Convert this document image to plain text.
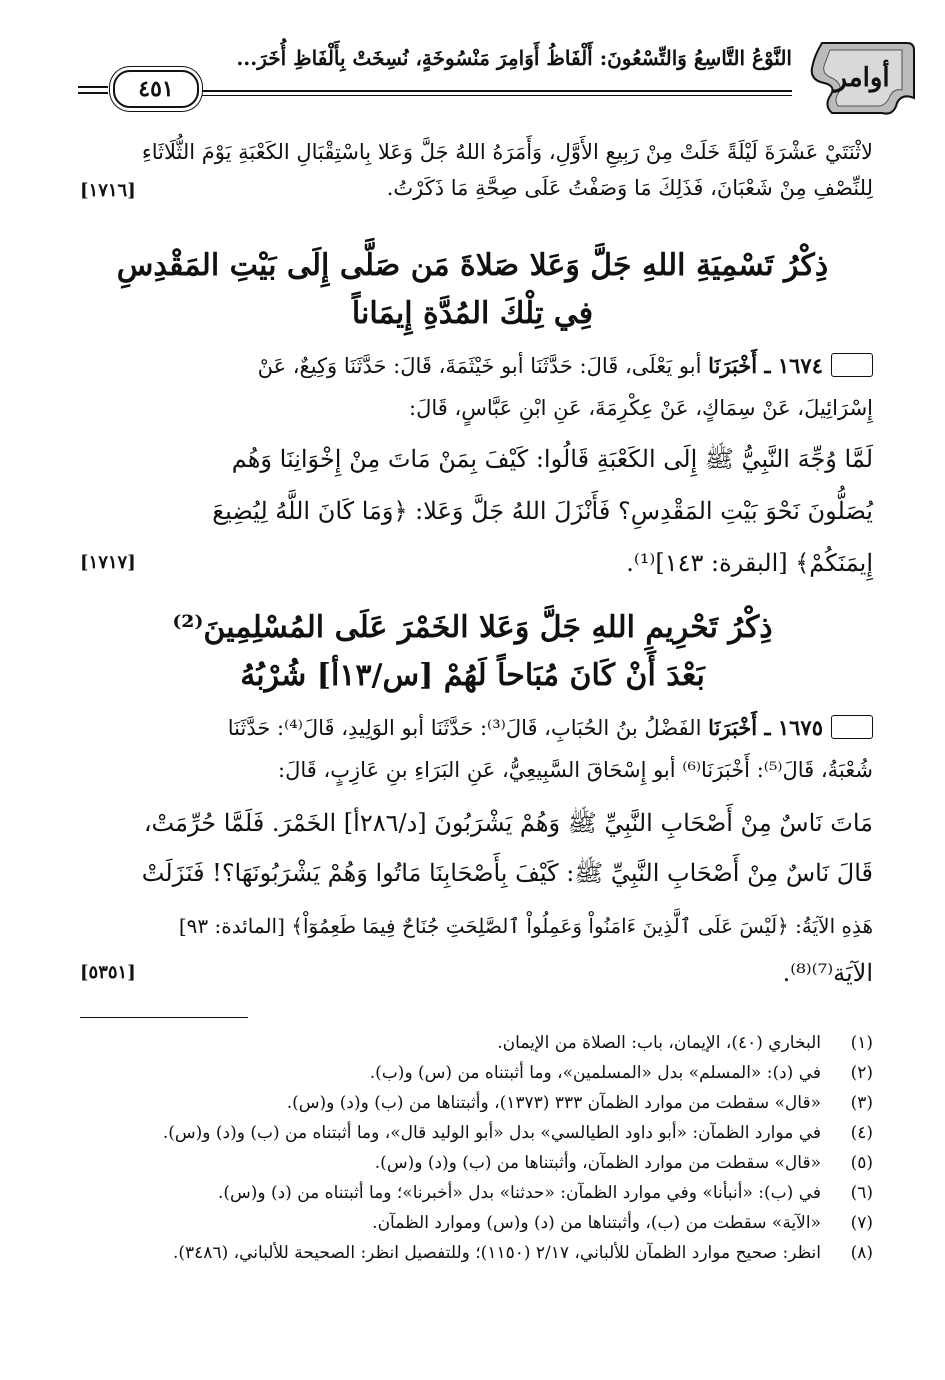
أوامر
النَّوْعُ التَّاسِعُ وَالتِّسْعُونَ: أَلْفَاظُ أَوَامِرَ مَنْسُوخَةٍ، نُسِخَتْ بِأَلْفَاظِ أُخَرَ...
٤٥١
لاثْنَتَيْ عَشْرَةَ لَيْلَةً خَلَتْ مِنْ رَبِيعِ الأَوَّلِ، وَأَمَرَهُ اللهُ جَلَّ وَعَلا بِاسْتِقْبَالِ الكَعْبَةِ يَوْمَ الثُّلَاثَاءِ
لِلنِّصْفِ مِنْ شَعْبَانَ، فَذَلِكَ مَا وَصَفْتُ عَلَى صِحَّةِ مَا ذَكَرْتُ.
[١٧١٦]
ذِكْرُ تَسْمِيَةِ اللهِ جَلَّ وَعَلا صَلاةَ مَن صَلَّى إِلَى بَيْتِ المَقْدِسِ
فِي تِلْكَ المُدَّةِ إِيمَاناً
١٦٧٤ ـ أَخْبَرَنَا أبو يَعْلَى، قَالَ: حَدَّثَنَا أبو خَيْثَمَةَ، قَالَ: حَدَّثَنَا وَكِيعٌ، عَنْ
إِسْرَائِيلَ، عَنْ سِمَاكٍ، عَنْ عِكْرِمَةَ، عَنِ ابْنِ عَبَّاسٍ، قَالَ:
لَمَّا وُجِّهَ النَّبِيُّ ﷺ إِلَى الكَعْبَةِ قَالُوا: كَيْفَ بِمَنْ مَاتَ مِنْ إِخْوَانِنَا وَهُم
يُصَلُّونَ نَحْوَ بَيْتِ المَقْدِسِ؟ فَأَنْزَلَ اللهُ جَلَّ وَعَلا: ﴿وَمَا كَانَ اللَّهُ لِيُضِيعَ
إِيمَنَكُمْ﴾ [البقرة: ١٤٣]⁽¹⁾.
[١٧١٧]
ذِكْرُ تَحْرِيمِ اللهِ جَلَّ وَعَلا الخَمْرَ عَلَى المُسْلِمِينَ⁽²⁾
بَعْدَ أَنْ كَانَ مُبَاحاً لَهُمْ [س/١٣أ] شُرْبُهُ
١٦٧٥ ـ أَخْبَرَنَا الفَضْلُ بنُ الحُبَابِ، قَالَ⁽³⁾: حَدَّثَنَا أبو الوَلِيدِ، قَالَ⁽⁴⁾: حَدَّثَنَا
شُعْبَةُ، قَالَ⁽⁵⁾: أَخْبَرَنَا⁽⁶⁾ أبو إِسْحَاقَ السَّبِيعِيُّ، عَنِ البَرَاءِ بنِ عَازِبٍ، قَالَ:
مَاتَ نَاسٌ مِنْ أَصْحَابِ النَّبِيِّ ﷺ وَهُمْ يَشْرَبُونَ [د/٢٨٦أ] الخَمْرَ. فَلَمَّا حُرِّمَتْ،
قَالَ نَاسٌ مِنْ أَصْحَابِ النَّبِيِّ ﷺ: كَيْفَ بِأَصْحَابِنَا مَاتُوا وَهُمْ يَشْرَبُونَهَا؟! فَنَزَلَتْ
هَذِهِ الآيَةُ: ﴿لَيْسَ عَلَى ٱلَّذِينَ ءَامَنُواْ وَعَمِلُواْ ٱلصَّلِحَتِ جُنَاحٌ فِيمَا طَعِمُوٓاْ﴾ [المائدة: ٩٣]
الآيَة⁽⁷⁾⁽⁸⁾.
[٥٣٥١]
(١)
البخاري (٤٠)، الإيمان، باب: الصلاة من الإيمان.
(٢)
في (د): «المسلم» بدل «المسلمين»، وما أثبتناه من (س) و(ب).
(٣)
«قال» سقطت من موارد الظمآن ٣٣٣ (١٣٧٣)، وأثبتناها من (ب) و(د) و(س).
(٤)
في موارد الظمآن: «أبو داود الطيالسي» بدل «أبو الوليد قال»، وما أثبتناه من (ب) و(د) و(س).
(٥)
«قال» سقطت من موارد الظمآن، وأثبتناها من (ب) و(د) و(س).
(٦)
في (ب): «أنبأنا» وفي موارد الظمآن: «حدثنا» بدل «أخبرنا»؛ وما أثبتناه من (د) و(س).
(٧)
«الآية» سقطت من (ب)، وأثبتناها من (د) و(س) وموارد الظمآن.
(٨)
انظر: صحيح موارد الظمآن للألباني، ٢/١٧ (١١٥٠)؛ وللتفصيل انظر: الصحيحة للألباني، (٣٤٨٦).
